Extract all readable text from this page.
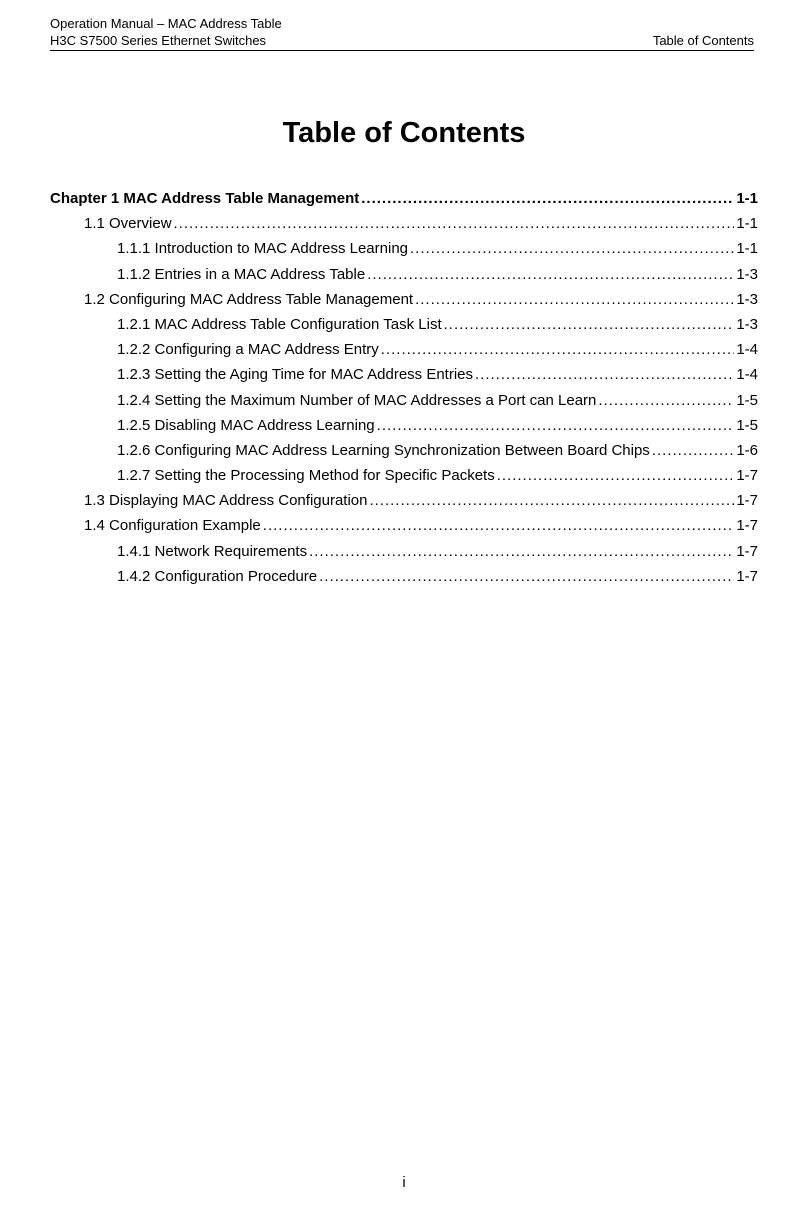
Operation Manual – MAC Address Table
H3C S7500 Series Ethernet Switches	Table of Contents
Table of Contents
Chapter 1 MAC Address Table Management .....	1-1
1.1 Overview .....	1-1
1.1.1 Introduction to MAC Address Learning .....	1-1
1.1.2 Entries in a MAC Address Table .....	1-3
1.2 Configuring MAC Address Table Management .....	1-3
1.2.1 MAC Address Table Configuration Task List .....	1-3
1.2.2 Configuring a MAC Address Entry .....	1-4
1.2.3 Setting the Aging Time for MAC Address Entries .....	1-4
1.2.4 Setting the Maximum Number of MAC Addresses a Port can Learn .....	1-5
1.2.5 Disabling MAC Address Learning .....	1-5
1.2.6 Configuring MAC Address Learning Synchronization Between Board Chips .....	1-6
1.2.7 Setting the Processing Method for Specific Packets .....	1-7
1.3 Displaying MAC Address Configuration .....	1-7
1.4 Configuration Example .....	1-7
1.4.1 Network Requirements .....	1-7
1.4.2 Configuration Procedure .....	1-7
i
